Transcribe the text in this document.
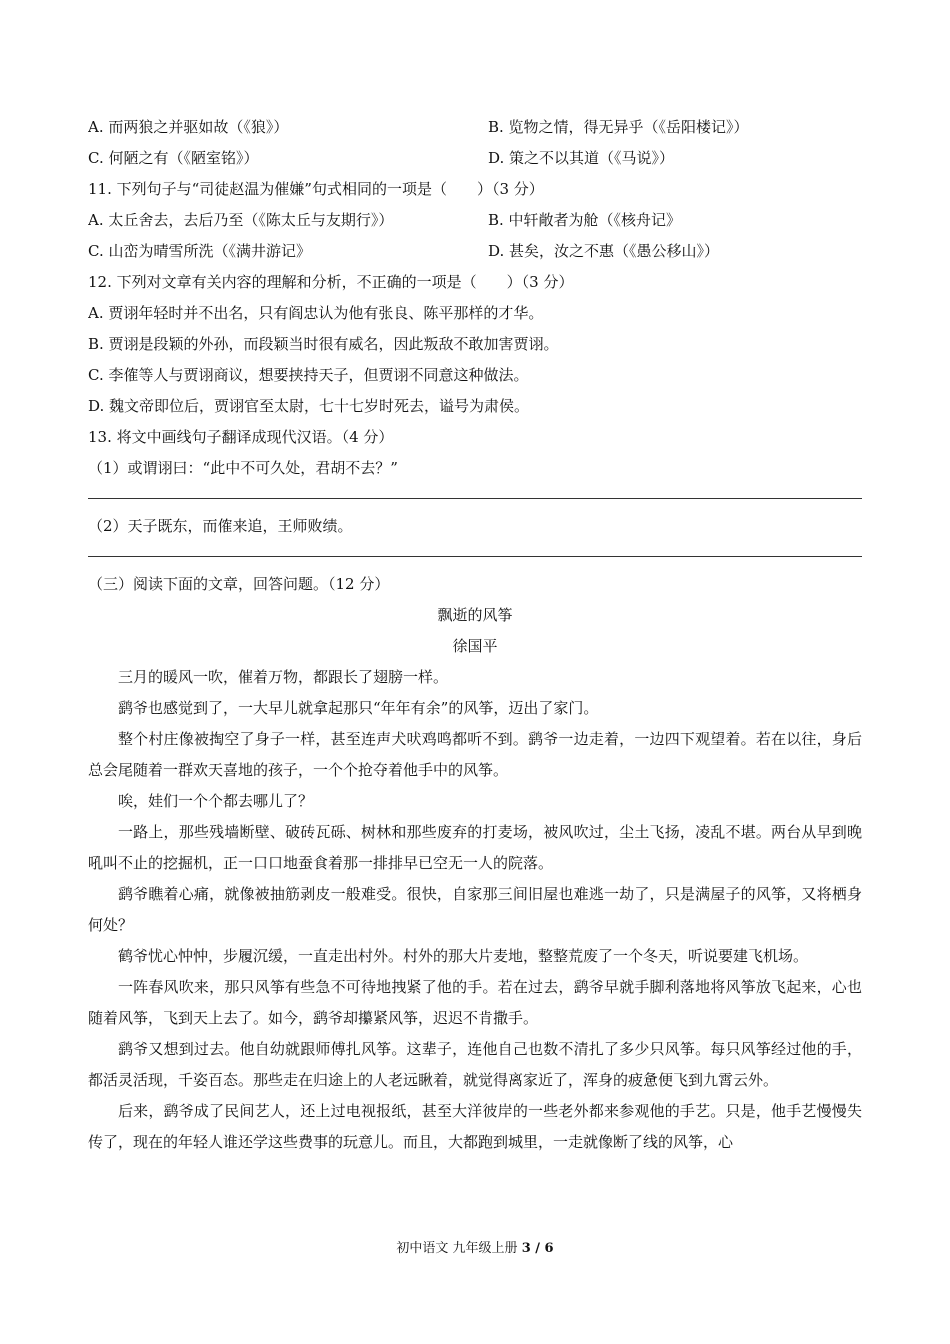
A. 而两狼之并驱如故（《狼》）	B. 览物之情，得无异乎（《岳阳楼记》）
C. 何陋之有（《陋室铭》）	D. 策之不以其道（《马说》）
11. 下列句子与“司徒赵温为催嫌”句式相同的一项是（　　）（3 分）
A. 太丘舍去，去后乃至（《陈太丘与友期行》）	B. 中轩敞者为舱（《核舟记》
C. 山峦为晴雪所洗（《满井游记》	D. 甚矣，汝之不惠（《愚公移山》）
12. 下列对文章有关内容的理解和分析，不正确的一项是（　　）（3 分）
A. 贾诩年轻时并不出名，只有阎忠认为他有张良、陈平那样的才华。
B. 贾诩是段颖的外孙，而段颖当时很有威名，因此叛敌不敢加害贾诩。
C. 李傕等人与贾诩商议，想要挟持天子，但贾诩不同意这种做法。
D. 魏文帝即位后，贾诩官至太尉，七十七岁时死去，谥号为肃侯。
13. 将文中画线句子翻译成现代汉语。（4 分）
（1）或谓诩曰：“此中不可久处，君胡不去？”
（2）天子既东，而傕来追，王师败绩。
（三）阅读下面的文章，回答问题。（12 分）
飘逝的风筝
徐国平
三月的暖风一吹，催着万物，都跟长了翅膀一样。
鹞爷也感觉到了，一大早儿就拿起那只“年年有余”的风筝，迈出了家门。
整个村庄像被掏空了身子一样，甚至连声犬吠鸡鸣都听不到。鹞爷一边走着，一边四下观望着。若在以往，身后总会尾随着一群欢天喜地的孩子，一个个抢夺着他手中的风筝。
唉，娃们一个个都去哪儿了？
一路上，那些残墙断壁、破砖瓦砾、树林和那些废弃的打麦场，被风吹过，尘土飞扬，凌乱不堪。两台从早到晚吼叫不止的挖掘机，正一口口地蚕食着那一排排早已空无一人的院落。
鹞爷瞧着心痛，就像被抽筋剥皮一般难受。很快，自家那三间旧屋也难逃一劫了，只是满屋子的风筝，又将栖身何处？
鹤爷忧心忡忡，步履沉缓，一直走出村外。村外的那大片麦地，整整荒废了一个冬天，听说要建飞机场。
一阵春风吹来，那只风筝有些急不可待地拽紧了他的手。若在过去，鹞爷早就手脚利落地将风筝放飞起来，心也随着风筝，飞到天上去了。如今，鹞爷却攥紧风筝，迟迟不肯撒手。
鹞爷又想到过去。他自幼就跟师傅扎风筝。这辈子，连他自己也数不清扎了多少只风筝。每只风筝经过他的手，都活灵活现，千姿百态。那些走在归途上的人老远瞅着，就觉得离家近了，浑身的疲惫便飞到九霄云外。
后来，鹞爷成了民间艺人，还上过电视报纸，甚至大洋彼岸的一些老外都来参观他的手艺。只是，他手艺慢慢失传了，现在的年轻人谁还学这些费事的玩意儿。而且，大都跑到城里，一走就像断了线的风筝，心
初中语文 九年级上册 3 / 6
